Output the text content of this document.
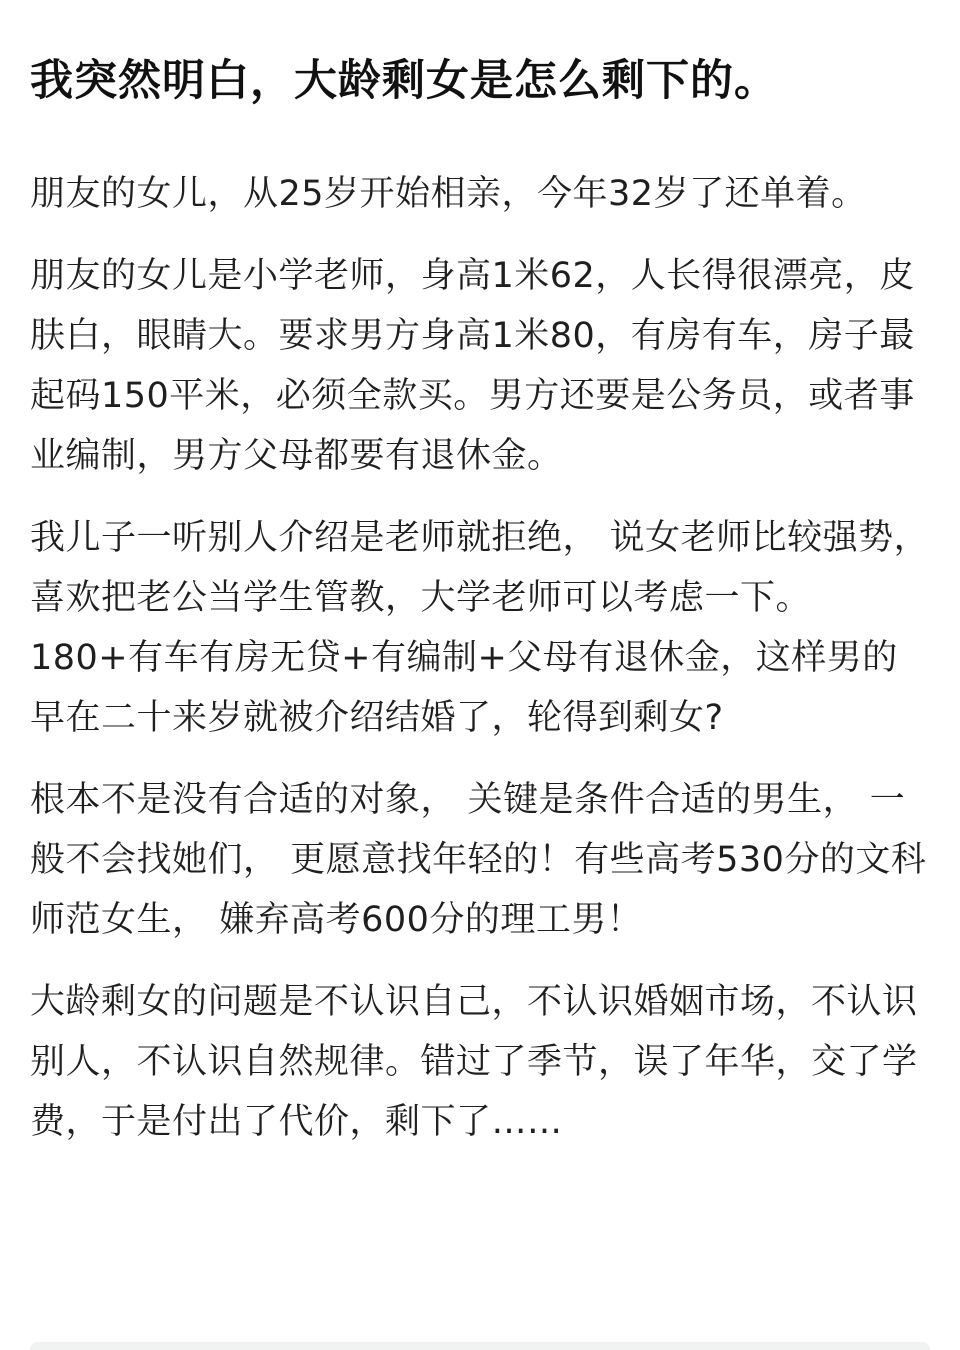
我突然明白，大龄剩女是怎么剩下的。

朋友的女儿，从25岁开始相亲，今年32岁了还单着。

朋友的女儿是小学老师，身高1米62，人长得很漂亮，皮肤白，眼睛大。要求男方身高1米80，有房有车，房子最起码150平米，必须全款买。男方还要是公务员，或者事业编制，男方父母都要有退休金。

我儿子一听别人介绍是老师就拒绝， 说女老师比较强势，喜欢把老公当学生管教，大学老师可以考虑一下。180+有车有房无贷+有编制+父母有退休金，这样男的早在二十来岁就被介绍结婚了，轮得到剩女?

根本不是没有合适的对象， 关键是条件合适的男生， 一般不会找她们， 更愿意找年轻的！有些高考530分的文科师范女生， 嫌弃高考600分的理工男！

大龄剩女的问题是不认识自己，不认识婚姻市场，不认识别人，不认识自然规律。错过了季节，误了年华，交了学费，于是付出了代价，剩下了……
